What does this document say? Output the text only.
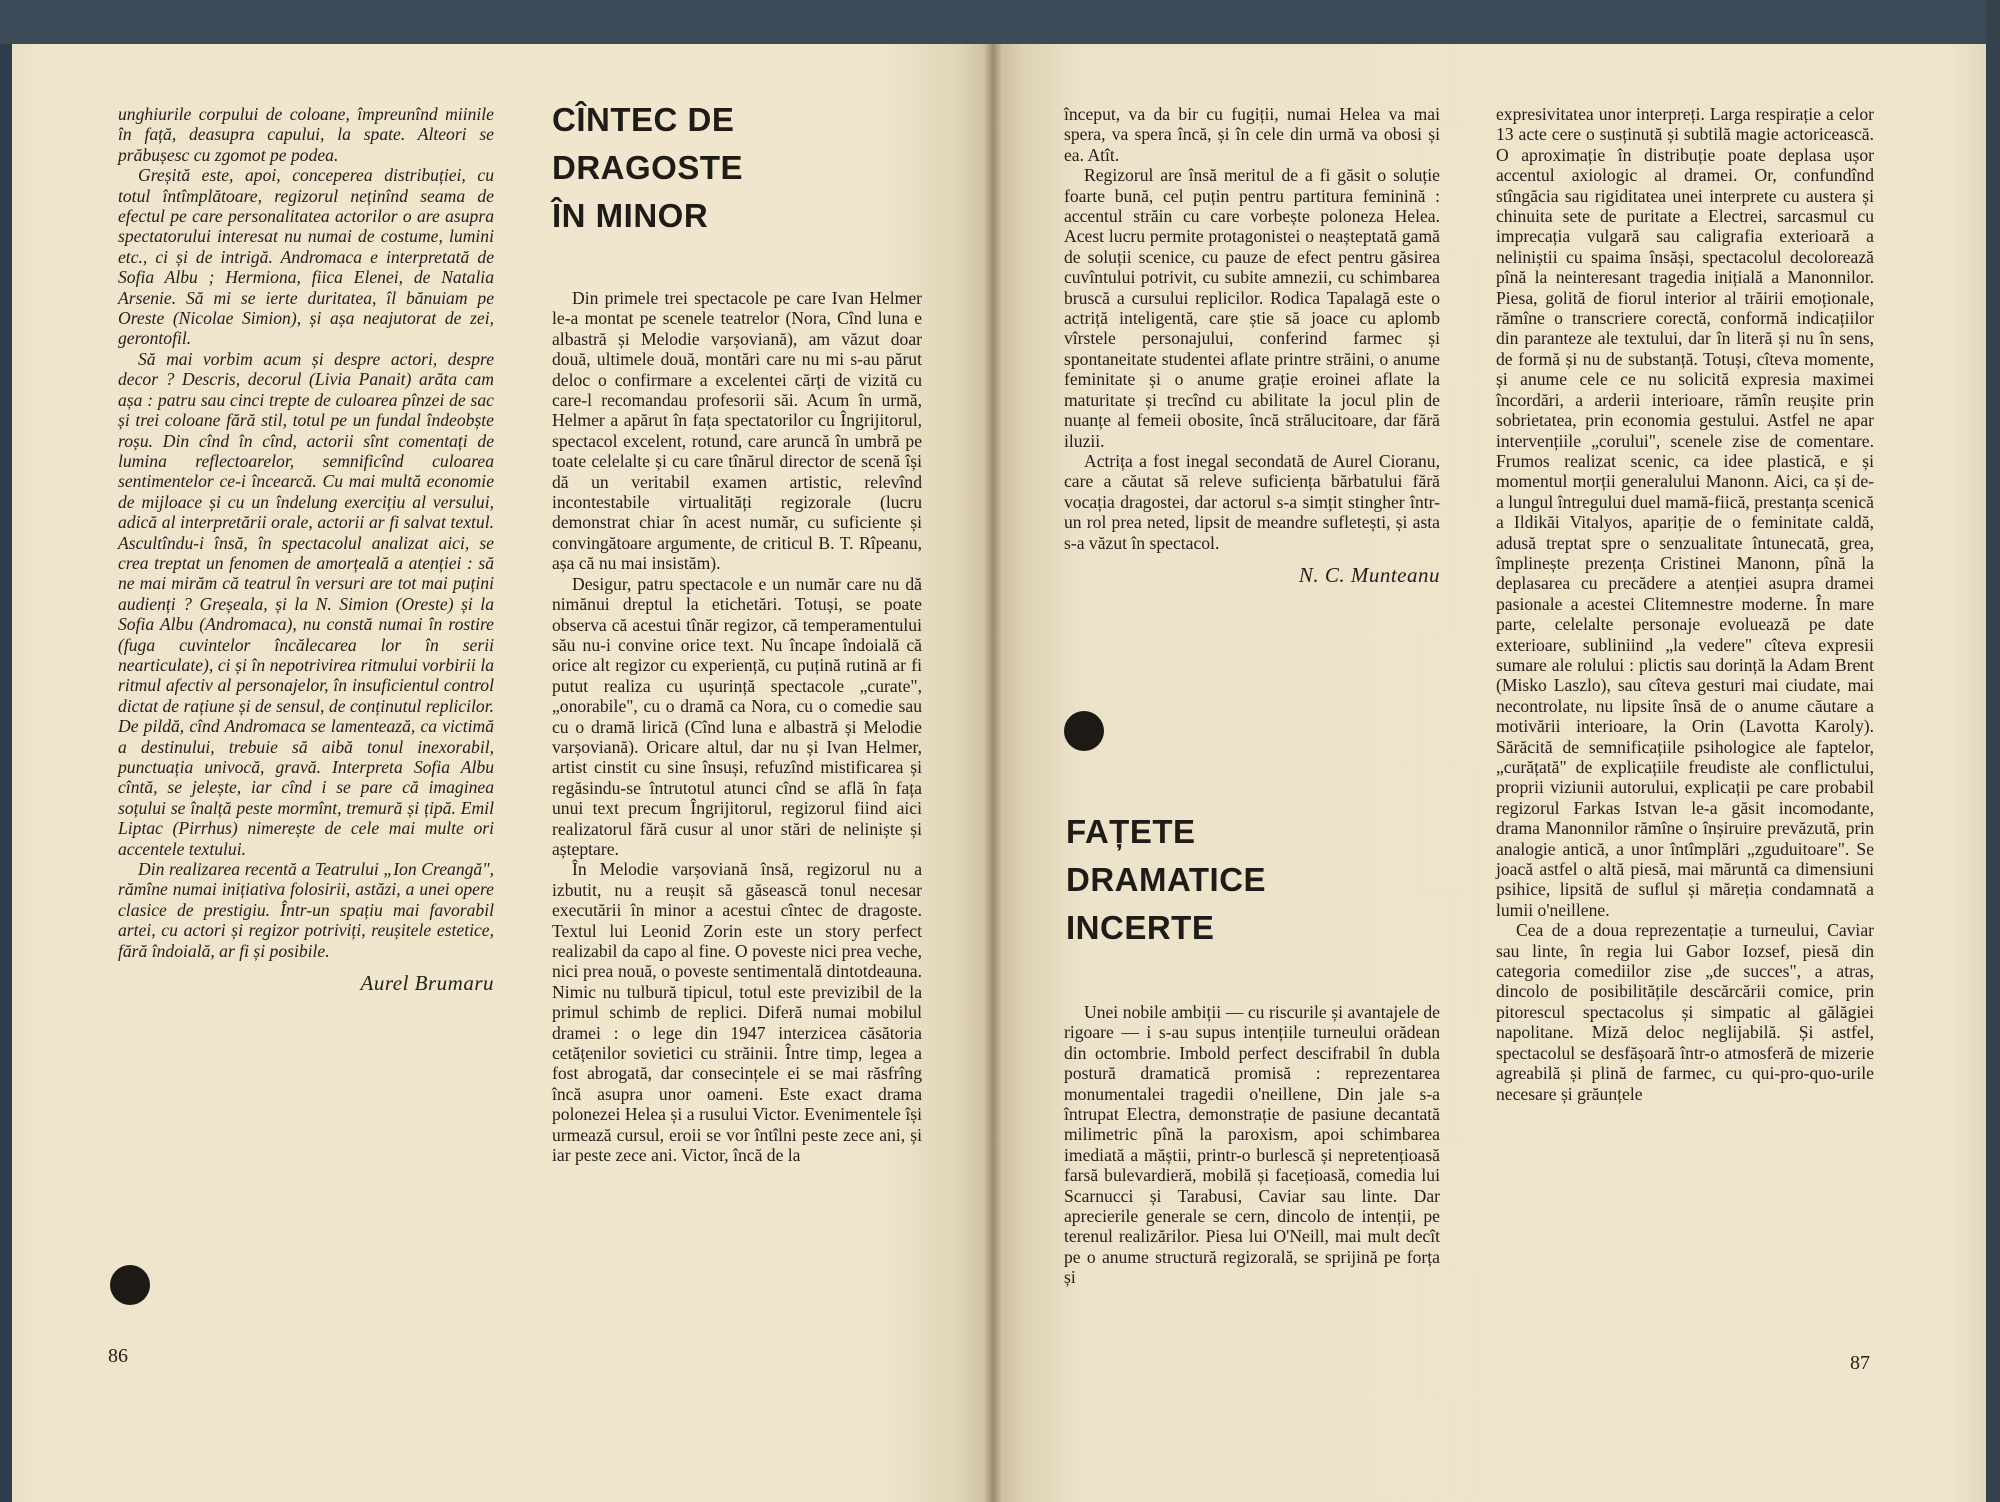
unghiurile corpului de coloane, împreunînd miinile în față, deasupra capului, la spate. Alteori se prăbușesc cu zgomot pe podea.

Greșită este, apoi, conceperea distribuției, cu totul întîmplătoare, regizorul neținînd seama de efectul pe care personalitatea actorilor o are asupra spectatorului interesat nu numai de costume, lumini etc., ci și de intrigă. Andromaca e interpretată de Sofia Albu ; Hermiona, fiica Elenei, de Natalia Arsenie. Să mi se ierte duritatea, îl bănuiam pe Oreste (Nicolae Simion), și așa neajutorat de zei, gerontofil.

Să mai vorbim acum și despre actori, despre decor ? Descris, decorul (Livia Panait) arăta cam așa : patru sau cinci trepte de culoarea pînzei de sac și trei coloane fără stil, totul pe un fundal îndeobște roșu. Din cînd în cînd, actorii sînt comentați de lumina reflectoarelor, semnificînd culoarea sentimentelor ce-i încearcă. Cu mai multă economie de mijloace și cu un îndelung exercițiu al versului, adică al interpretării orale, actorii ar fi salvat textul. Ascultîndu-i însă, în spectacolul analizat aici, se crea treptat un fenomen de amorțeală a atenției : să ne mai mirăm că teatrul în versuri are tot mai puțini audienți ? Greșeala, și la N. Simion (Oreste) și la Sofia Albu (Andromaca), nu constă numai în rostire (fuga cuvintelor încălecarea lor în serii nearticulate), ci și în nepotrivirea ritmului vorbirii la ritmul afectiv al personajelor, în insuficientul control dictat de rațiune și de sensul, de conținutul replicilor. De pildă, cînd Andromaca se lamentează, ca victimă a destinului, trebuie să aibă tonul inexorabil, punctuația univocă, gravă. Interpreta Sofia Albu cîntă, se jelește, iar cînd i se pare că imaginea soțului se înalță peste mormînt, tremură și țipă. Emil Liptac (Pirrhus) nimerește de cele mai multe ori accentele textului.

Din realizarea recentă a Teatrului „Ion Creangă", rămîne numai inițiativa folosirii, astăzi, a unei opere clasice de prestigiu. Într-un spațiu mai favorabil artei, cu actori și regizor potriviți, reușitele estetice, fără îndoială, ar fi și posibile.

Aurel Brumaru
86
CÎNTEC DE
DRAGOSTE
ÎN MINOR

Din primele trei spectacole pe care Ivan Helmer le-a montat pe scenele teatrelor (Nora, Cînd luna e albastră și Melodie varșoviană), am văzut doar două, ultimele două, montări care nu mi s-au părut deloc o confirmare a excelentei cărți de vizită cu care-l recomandau profesorii săi. Acum în urmă, Helmer a apărut în fața spectatorilor cu Îngrijitorul, spectacol excelent, rotund, care aruncă în umbră pe toate celelalte și cu care tînărul director de scenă își dă un veritabil examen artistic, relevînd incontestabile virtualități regizorale (lucru demonstrat chiar în acest număr, cu suficiente și convingătoare argumente, de criticul B. T. Rîpeanu, așa că nu mai insistăm).

Desigur, patru spectacole e un număr care nu dă nimănui dreptul la etichetări. Totuși, se poate observa că acestui tînăr regizor, că temperamentului său nu-i convine orice text. Nu încape îndoială că orice alt regizor cu experiență, cu puțină rutină ar fi putut realiza cu ușurință spectacole „curate", „onorabile", cu o dramă ca Nora, cu o comedie sau cu o dramă lirică (Cînd luna e albastră și Melodie varșoviană). Oricare altul, dar nu și Ivan Helmer, artist cinstit cu sine însuși, refuzînd mistificarea și regăsindu-se întrutotul atunci cînd se află în fața unui text precum Îngrijitorul, regizorul fiind aici realizatorul fără cusur al unor stări de neliniște și așteptare.

În Melodie varșoviană însă, regizorul nu a izbutit, nu a reușit să găsească tonul necesar executării în minor a acestui cîntec de dragoste. Textul lui Leonid Zorin este un story perfect realizabil da capo al fine. O poveste nici prea veche, nici prea nouă, o poveste sentimentală dintotdeauna. Nimic nu tulbură tipicul, totul este previzibil de la primul schimb de replici. Diferă numai mobilul dramei : o lege din 1947 interzicea căsătoria cetățenilor sovietici cu străinii. Între timp, legea a fost abrogată, dar consecințele ei se mai răsfrîng încă asupra unor oameni. Este exact drama polonezei Helea și a rusului Victor. Evenimentele își urmează cursul, eroii se vor întîlni peste zece ani, și iar peste zece ani. Victor, încă de la

început, va da bir cu fugiții, numai Helea va mai spera, va spera încă, și în cele din urmă va obosi și ea. Atît.

Regizorul are însă meritul de a fi găsit o soluție foarte bună, cel puțin pentru partitura feminină : accentul străin cu care vorbește poloneza Helea. Acest lucru permite protagonistei o neașteptată gamă de soluții scenice, cu pauze de efect pentru găsirea cuvîntului potrivit, cu subite amnezii, cu schimbarea bruscă a cursului replicilor. Rodica Tapalagă este o actriță inteligentă, care știe să joace cu aplomb vîrstele personajului, conferind farmec și spontaneitate studentei aflate printre străini, o anume feminitate și o anume grație eroinei aflate la maturitate și trecînd cu abilitate la jocul plin de nuanțe al femeii obosite, încă strălucitoare, dar fără iluzii.

Actrița a fost inegal secondată de Aurel Cioranu, care a căutat să releve suficiența bărbatului fără vocația dragostei, dar actorul s-a simțit stingher într-un rol prea neted, lipsit de meandre sufletești, și asta s-a văzut în spectacol.

N. C. Munteanu
FAȚETE
DRAMATICE
INCERTE

Unei nobile ambiții — cu riscurile și avantajele de rigoare — i s-au supus intențiile turneului orădean din octombrie. Imbold perfect descifrabil în dubla postură dramatică promisă : reprezentarea monumentalei tragedii o'neillene, Din jale s-a întrupat Electra, demonstrație de pasiune decantată milimetric pînă la paroxism, apoi schimbarea imediată a măștii, printr-o burlescă și nepretențioasă farsă bulevardieră, mobilă și facețioasă, comedia lui Scarnucci și Tarabusi, Caviar sau linte. Dar aprecierile generale se cern, dincolo de intenții, pe terenul realizărilor. Piesa lui O'Neill, mai mult decît pe o anume structură regizorală, se sprijină pe forța și

expresivitatea unor interpreți. Larga respirație a celor 13 acte cere o susținută și subtilă magie actoricească. O aproximație în distribuție poate deplasa ușor accentul axiologic al dramei. Or, confundînd stîngăcia sau rigiditatea unei interprete cu austera și chinuita sete de puritate a Electrei, sarcasmul cu imprecația vulgară sau caligrafia exterioară a neliniștii cu spaima însăși, spectacolul decolorează pînă la neinteresant tragedia inițială a Manonnilor. Piesa, golită de fiorul interior al trăirii emoționale, rămîne o transcriere corectă, conformă indicațiilor din paranteze ale textului, dar în literă și nu în sens, de formă și nu de substanță. Totuși, cîteva momente, și anume cele ce nu solicită expresia maximei încordări, a arderii interioare, rămîn reușite prin sobrietatea, prin economia gestului. Astfel ne apar intervențiile „corului", scenele zise de comentare. Frumos realizat scenic, ca idee plastică, e și momentul morții generalului Manonn. Aici, ca și de-a lungul întregului duel mamă-fiică, prestanța scenică a Ildikăi Vitalyos, apariție de o feminitate caldă, adusă treptat spre o senzualitate întunecată, grea, împlinește prezența Cristinei Manonn, pînă la deplasarea cu precădere a atenției asupra dramei pasionale a acestei Clitemnestre moderne. În mare parte, celelalte personaje evoluează pe date exterioare, subliniind „la vedere" cîteva expresii sumare ale rolului : plictis sau dorință la Adam Brent (Misko Laszlo), sau cîteva gesturi mai ciudate, mai necontrolate, nu lipsite însă de o anume căutare a motivării interioare, la Orin (Lavotta Karoly). Sărăcită de semnificațiile psihologice ale faptelor, „curățată" de explicațiile freudiste ale conflictului, proprii viziunii autorului, explicații pe care probabil regizorul Farkas Istvan le-a găsit incomodante, drama Manonnilor rămîne o înșiruire prevăzută, prin analogie antică, a unor întîmplări „zguduitoare". Se joacă astfel o altă piesă, mai măruntă ca dimensiuni psihice, lipsită de suflul și măreția condamnată a lumii o'neillene.

Cea de a doua reprezentație a turneului, Caviar sau linte, în regia lui Gabor Iozsef, piesă din categoria comediilor zise „de succes", a atras, dincolo de posibilitățile descărcării comice, prin pitorescul spectacolus și simpatic al gălăgiei napolitane. Miză deloc neglijabilă. Și astfel, spectacolul se desfășoară într-o atmosferă de mizerie agreabilă și plină de farmec, cu qui-pro-quo-urile necesare și grăunțele

87
